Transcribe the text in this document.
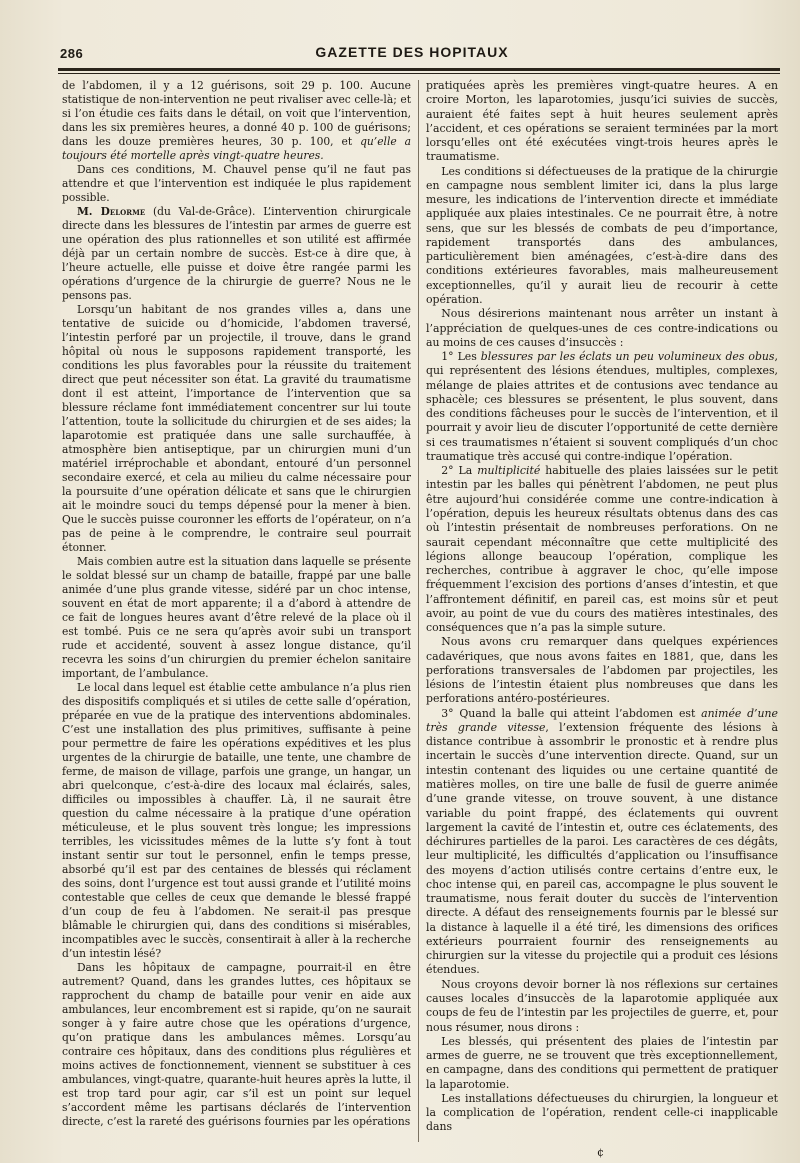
286	GAZETTE DES HOPITAUX

de l’abdomen, il y a 12 guérisons, soit 29 p. 100. Aucune statistique de non-intervention ne peut rivaliser avec celle-là; et si l’on étudie ces faits dans le détail, on voit que l’intervention, dans les six premières heures, a donné 40 p. 100 de guérisons; dans les douze premières heures, 30 p. 100, et qu’elle a toujours été mortelle après vingt-quatre heures.

Dans ces conditions, M. Chauvel pense qu’il ne faut pas attendre et que l’intervention est indiquée le plus rapidement possible.

M. Delorme (du Val-de-Grâce). L’intervention chirurgicale directe dans les blessures de l’intestin par armes de guerre est une opération des plus rationnelles et son utilité est affirmée déjà par un certain nombre de succès. Est-ce à dire que, à l’heure actuelle, elle puisse et doive être rangée parmi les opérations d’urgence de la chirurgie de guerre? Nous ne le pensons pas.

Lorsqu’un habitant de nos grandes villes a, dans une tentative de suicide ou d’homicide, l’abdomen traversé, l’intestin perforé par un projectile, il trouve, dans le grand hôpital où nous le supposons rapidement transporté, les conditions les plus favorables pour la réussite du traitement direct que peut nécessiter son état. La gravité du traumatisme dont il est atteint, l’importance de l’intervention que sa blessure réclame font immédiatement concentrer sur lui toute l’attention, toute la sollicitude du chirurgien et de ses aides; la laparotomie est pratiquée dans une salle surchauffée, à atmosphère bien antiseptique, par un chirurgien muni d’un matériel irréprochable et abondant, entouré d’un personnel secondaire exercé, et cela au milieu du calme nécessaire pour la poursuite d’une opération délicate et sans que le chirurgien ait le moindre souci du temps dépensé pour la mener à bien. Que le succès puisse couronner les efforts de l’opérateur, on n’a pas de peine à le comprendre, le contraire seul pourrait étonner.

Mais combien autre est la situation dans laquelle se présente le soldat blessé sur un champ de bataille, frappé par une balle animée d’une plus grande vitesse, sidéré par un choc intense, souvent en état de mort apparente; il a d’abord à attendre de ce fait de longues heures avant d’être relevé de la place où il est tombé. Puis ce ne sera qu’après avoir subi un transport rude et accidenté, souvent à assez longue distance, qu’il recevra les soins d’un chirurgien du premier échelon sanitaire important, de l’ambulance.

Le local dans lequel est établie cette ambulance n’a plus rien des dispositifs compliqués et si utiles de cette salle d’opération, préparée en vue de la pratique des interventions abdominales. C’est une installation des plus primitives, suffisante à peine pour permettre de faire les opérations expéditives et les plus urgentes de la chirurgie de bataille, une tente, une chambre de ferme, de maison de village, parfois une grange, un hangar, un abri quelconque, c’est-à-dire des locaux mal éclairés, sales, difficiles ou impossibles à chauffer. Là, il ne saurait être question du calme nécessaire à la pratique d’une opération méticuleuse, et le plus souvent très longue; les impressions terribles, les vicissitudes mêmes de la lutte s’y font à tout instant sentir sur tout le personnel, enfin le temps presse, absorbé qu’il est par des centaines de blessés qui réclament des soins, dont l’urgence est tout aussi grande et l’utilité moins contestable que celles de ceux que demande le blessé frappé d’un coup de feu à l’abdomen. Ne serait-il pas presque blâmable le chirurgien qui, dans des conditions si misérables, incompatibles avec le succès, consentirait à aller à la recherche d’un intestin lésé?

Dans les hôpitaux de campagne, pourrait-il en être autrement? Quand, dans les grandes luttes, ces hôpitaux se rapprochent du champ de bataille pour venir en aide aux ambulances, leur encombrement est si rapide, qu’on ne saurait songer à y faire autre chose que les opérations d’urgence, qu’on pratique dans les ambulances mêmes. Lorsqu’au contraire ces hôpitaux, dans des conditions plus régulières et moins actives de fonctionnement, viennent se substituer à ces ambulances, vingt-quatre, quarante-huit heures après la lutte, il est trop tard pour agir, car s’il est un point sur lequel s’accordent même les partisans déclarés de l’intervention directe, c’est la rareté des guérisons fournies par les opérations

pratiquées après les premières vingt-quatre heures. A en croire Morton, les laparotomies, jusqu’ici suivies de succès, auraient été faites sept à huit heures seulement après l’accident, et ces opérations se seraient terminées par la mort lorsqu’elles ont été exécutées vingt-trois heures après le traumatisme.

Les conditions si défectueuses de la pratique de la chirurgie en campagne nous semblent limiter ici, dans la plus large mesure, les indications de l’intervention directe et immédiate appliquée aux plaies intestinales. Ce ne pourrait être, à notre sens, que sur les blessés de combats de peu d’importance, rapidement transportés dans des ambulances, particulièrement bien aménagées, c’est-à-dire dans des conditions extérieures favorables, mais malheureusement exceptionnelles, qu’il y aurait lieu de recourir à cette opération.

Nous désirerions maintenant nous arrêter un instant à l’appréciation de quelques-unes de ces contre-indications ou au moins de ces causes d’insuccès :

1° Les blessures par les éclats un peu volumineux des obus, qui représentent des lésions étendues, multiples, complexes, mélange de plaies attrites et de contusions avec tendance au sphacèle; ces blessures se présentent, le plus souvent, dans des conditions fâcheuses pour le succès de l’intervention, et il pourrait y avoir lieu de discuter l’opportunité de cette dernière si ces traumatismes n’étaient si souvent compliqués d’un choc traumatique très accusé qui contre-indique l’opération.

2° La multiplicité habituelle des plaies laissées sur le petit intestin par les balles qui pénètrent l’abdomen, ne peut plus être aujourd’hui considérée comme une contre-indication à l’opération, depuis les heureux résultats obtenus dans des cas où l’intestin présentait de nombreuses perforations. On ne saurait cependant méconnaître que cette multiplicité des légions allonge beaucoup l’opération, complique les recherches, contribue à aggraver le choc, qu’elle impose fréquemment l’excision des portions d’anses d’intestin, et que l’affrontement définitif, en pareil cas, est moins sûr et peut avoir, au point de vue du cours des matières intestinales, des conséquences que n’a pas la simple suture.

Nous avons cru remarquer dans quelques expériences cadavériques, que nous avons faites en 1881, que, dans les perforations transversales de l’abdomen par projectiles, les lésions de l’intestin étaient plus nombreuses que dans les perforations antéro-postérieures.

3° Quand la balle qui atteint l’abdomen est animée d’une très grande vitesse, l’extension fréquente des lésions à distance contribue à assombrir le pronostic et à rendre plus incertain le succès d’une intervention directe. Quand, sur un intestin contenant des liquides ou une certaine quantité de matières molles, on tire une balle de fusil de guerre animée d’une grande vitesse, on trouve souvent, à une distance variable du point frappé, des éclatements qui ouvrent largement la cavité de l’intestin et, outre ces éclatements, des déchirures partielles de la paroi. Les caractères de ces dégâts, leur multiplicité, les difficultés d’application ou l’insuffisance des moyens d’action utilisés contre certains d’entre eux, le choc intense qui, en pareil cas, accompagne le plus souvent le traumatisme, nous ferait douter du succès de l’intervention directe. A défaut des renseignements fournis par le blessé sur la distance à laquelle il a été tiré, les dimensions des orifices extérieurs pourraient fournir des renseignements au chirurgien sur la vitesse du projectile qui a produit ces lésions étendues.

Nous croyons devoir borner là nos réflexions sur certaines causes locales d’insuccès de la laparotomie appliquée aux coups de feu de l’intestin par les projectiles de guerre, et, pour nous résumer, nous dirons :

Les blessés, qui présentent des plaies de l’intestin par armes de guerre, ne se trouvent que très exceptionnellement, en campagne, dans des conditions qui permettent de pratiquer la laparotomie.

Les installations défectueuses du chirurgien, la longueur et la complication de l’opération, rendent celle-ci inapplicable dans

¢
